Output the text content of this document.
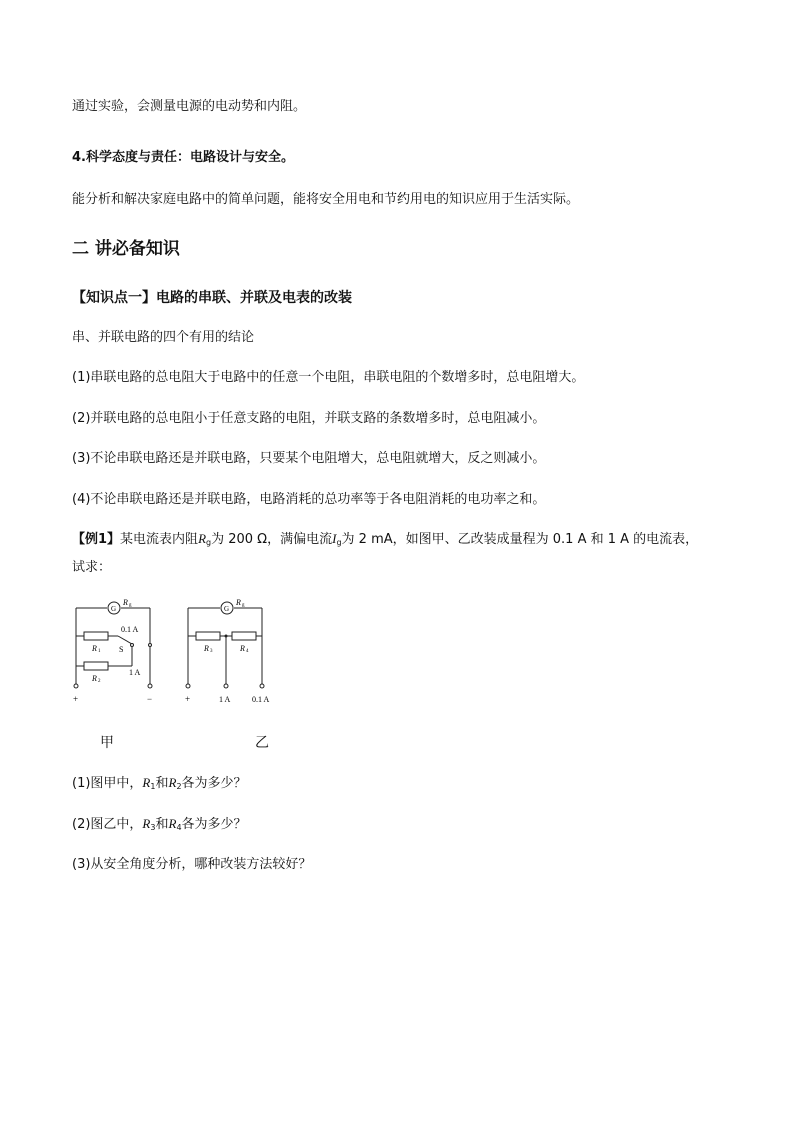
通过实验，会测量电源的电动势和内阻。
4.科学态度与责任：电路设计与安全。
能分析和解决家庭电路中的简单问题，能将安全用电和节约用电的知识应用于生活实际。
二 讲必备知识
【知识点一】电路的串联、并联及电表的改装
串、并联电路的四个有用的结论
(1)串联电路的总电阻大于电路中的任意一个电阻，串联电阻的个数增多时，总电阻增大。
(2)并联电路的总电阻小于任意支路的电阻，并联支路的条数增多时，总电阻减小。
(3)不论串联电路还是并联电路，只要某个电阻增大，总电阻就增大，反之则减小。
(4)不论串联电路还是并联电路，电路消耗的总功率等于各电阻消耗的电功率之和。
【例1】某电流表内阻$R_g$为 200 Ω，满偏电流$I_g$为 2 mA，如图甲、乙改装成量程为 0.1 A 和 1 A 的电流表，
试求：
G
R g
0.1 A
R 1 S
1 A
R 2
+	−
G
R g
R 3	R 4
+	1 A	0.1 A
甲	乙
(1)图甲中，$R_1$和$R_2$各为多少？
(2)图乙中，$R_3$和$R_4$各为多少？
(3)从安全角度分析，哪种改装方法较好？
